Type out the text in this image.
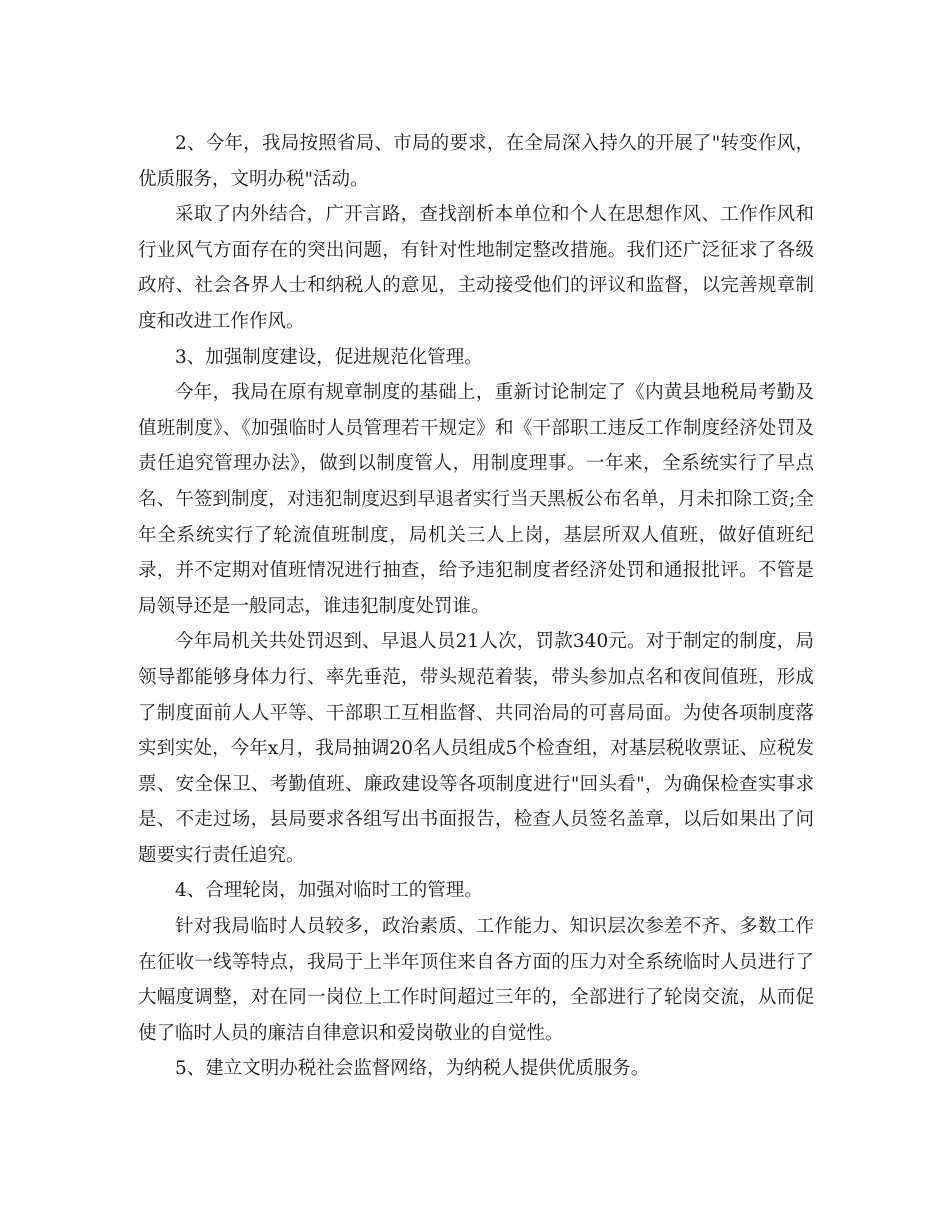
2、今年，我局按照省局、市局的要求，在全局深入持久的开展了"转变作风，优质服务，文明办税"活动。

采取了内外结合，广开言路，查找剖析本单位和个人在思想作风、工作作风和行业风气方面存在的突出问题，有针对性地制定整改措施。我们还广泛征求了各级政府、社会各界人士和纳税人的意见，主动接受他们的评议和监督，以完善规章制度和改进工作作风。

3、加强制度建设，促进规范化管理。

今年，我局在原有规章制度的基础上，重新讨论制定了《内黄县地税局考勤及值班制度》、《加强临时人员管理若干规定》和《干部职工违反工作制度经济处罚及责任追究管理办法》，做到以制度管人，用制度理事。一年来，全系统实行了早点名、午签到制度，对违犯制度迟到早退者实行当天黑板公布名单，月未扣除工资;全年全系统实行了轮流值班制度，局机关三人上岗，基层所双人值班，做好值班纪录，并不定期对值班情况进行抽查，给予违犯制度者经济处罚和通报批评。不管是局领导还是一般同志，谁违犯制度处罚谁。

今年局机关共处罚迟到、早退人员21人次，罚款340元。对于制定的制度，局领导都能够身体力行、率先垂范，带头规范着装，带头参加点名和夜间值班，形成了制度面前人人平等、干部职工互相监督、共同治局的可喜局面。为使各项制度落实到实处，今年x月，我局抽调20名人员组成5个检查组，对基层税收票证、应税发票、安全保卫、考勤值班、廉政建设等各项制度进行"回头看"，为确保检查实事求是、不走过场，县局要求各组写出书面报告，检查人员签名盖章，以后如果出了问题要实行责任追究。

4、合理轮岗，加强对临时工的管理。

针对我局临时人员较多，政治素质、工作能力、知识层次参差不齐、多数工作在征收一线等特点，我局于上半年顶住来自各方面的压力对全系统临时人员进行了大幅度调整，对在同一岗位上工作时间超过三年的，全部进行了轮岗交流，从而促使了临时人员的廉洁自律意识和爱岗敬业的自觉性。

5、建立文明办税社会监督网络，为纳税人提供优质服务。
